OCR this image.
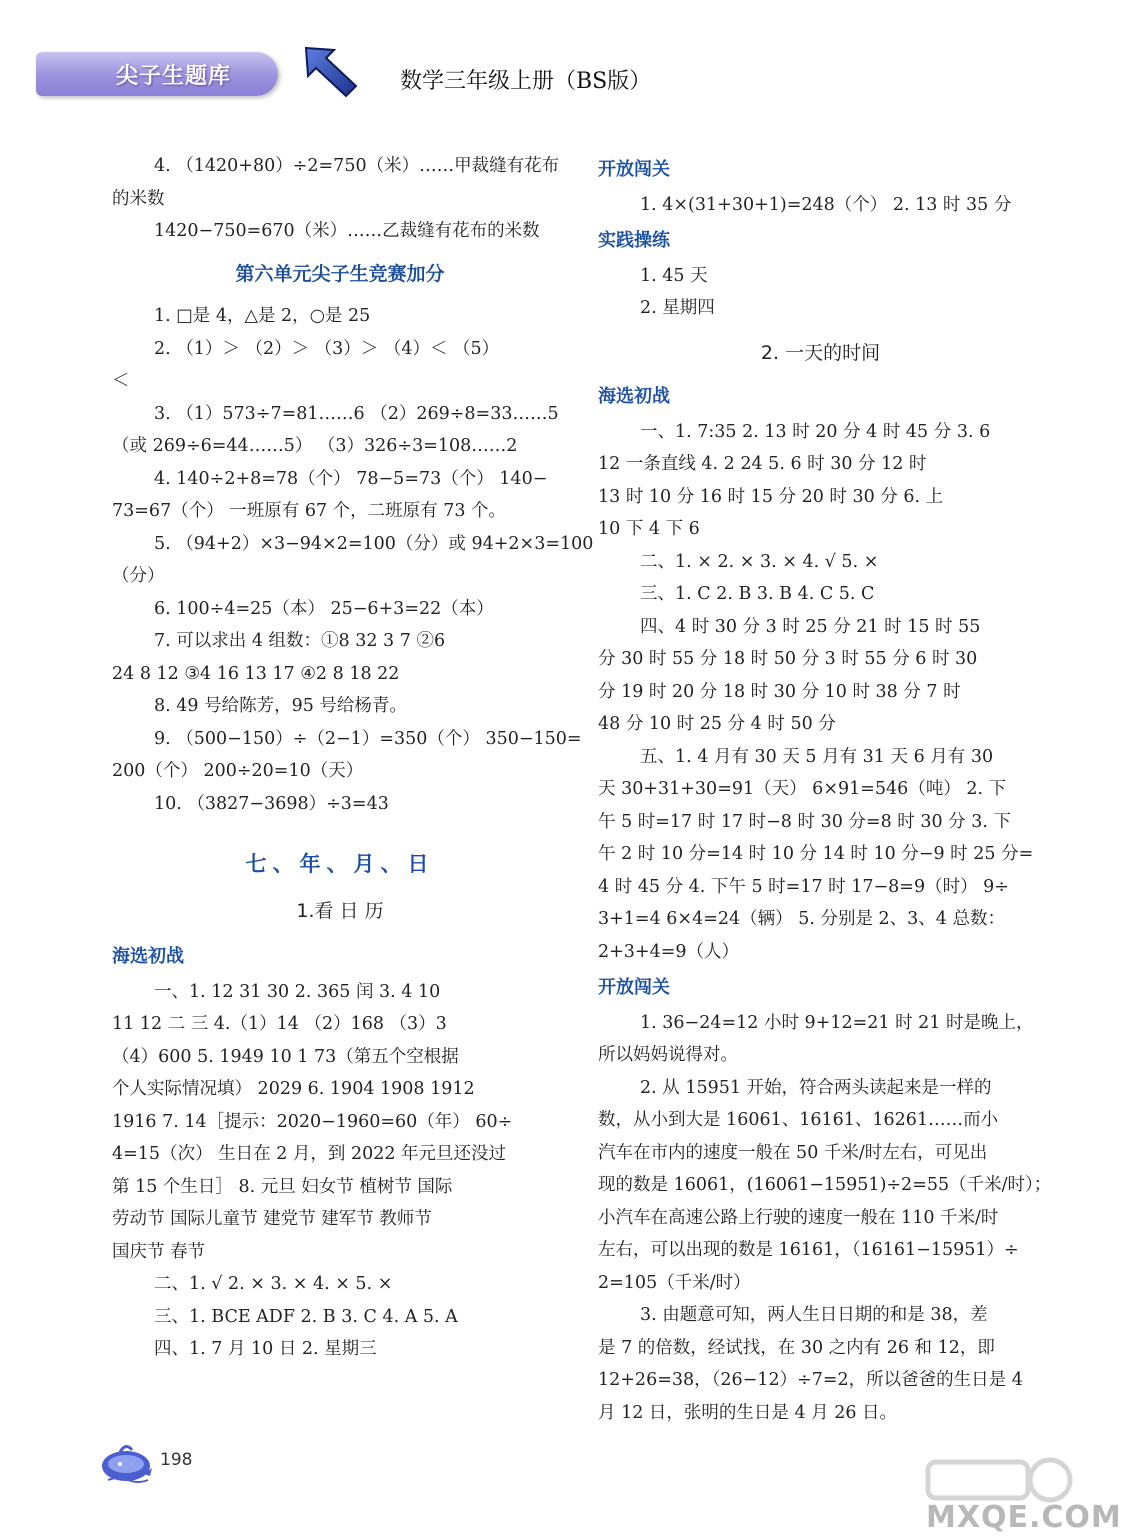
尖子生题库	数学三年级上册（BS版）

4. （1420+80）÷2=750（米）……甲裁缝有花布

的米数

1420−750=670（米）……乙裁缝有花布的米数

第六单元尖子生竞赛加分

1. □是 4，△是 2，○是 25

2. （1）＞ （2）＞ （3）＞ （4）＜ （5）

＜

3. （1）573÷7=81……6 （2）269÷8=33……5

（或 269÷6=44……5） （3）326÷3=108……2

4. 140÷2+8=78（个） 78−5=73（个） 140−

73=67（个） 一班原有 67 个，二班原有 73 个。

5. （94+2）×3−94×2=100（分）或 94+2×3=100

（分）

6. 100÷4=25（本） 25−6+3=22（本）

7. 可以求出 4 组数：①8 32 3 7 ②6

24 8 12 ③4 16 13 17 ④2 8 18 22

8. 49 号给陈芳，95 号给杨青。

9. （500−150）÷（2−1）=350（个） 350−150=

200（个） 200÷20=10（天）

10. （3827−3698）÷3=43

七、年、月、日
1.看 日 历
海选初战

一、1. 12 31 30 2. 365 闰 3. 4 10

11 12 二 三 4.（1）14 （2）168 （3）3

（4）600 5. 1949 10 1 73（第五个空根据

个人实际情况填） 2029 6. 1904 1908 1912

1916 7. 14［提示：2020−1960=60（年） 60÷

4=15（次） 生日在 2 月，到 2022 年元旦还没过

第 15 个生日］ 8. 元旦 妇女节 植树节 国际

劳动节 国际儿童节 建党节 建军节 教师节

国庆节 春节

二、1. √ 2. × 3. × 4. × 5. ×

三、1. BCE ADF 2. B 3. C 4. A 5. A

四、1. 7 月 10 日 2. 星期三

开放闯关

1. 4×(31+30+1)=248（个） 2. 13 时 35 分

实践操练

1. 45 天

2. 星期四

2. 一天的时间
海选初战

一、1. 7:35 2. 13 时 20 分 4 时 45 分 3. 6

12 一条直线 4. 2 24 5. 6 时 30 分 12 时

13 时 10 分 16 时 15 分 20 时 30 分 6. 上

10 下 4 下 6

二、1. × 2. × 3. × 4. √ 5. ×

三、1. C 2. B 3. B 4. C 5. C

四、4 时 30 分 3 时 25 分 21 时 15 时 55

分 30 时 55 分 18 时 50 分 3 时 55 分 6 时 30

分 19 时 20 分 18 时 30 分 10 时 38 分 7 时

48 分 10 时 25 分 4 时 50 分

五、1. 4 月有 30 天 5 月有 31 天 6 月有 30

天 30+31+30=91（天） 6×91=546（吨） 2. 下

午 5 时=17 时 17 时−8 时 30 分=8 时 30 分 3. 下

午 2 时 10 分=14 时 10 分 14 时 10 分−9 时 25 分=

4 时 45 分 4. 下午 5 时=17 时 17−8=9（时） 9÷

3+1=4 6×4=24（辆） 5. 分别是 2、3、4 总数：

2+3+4=9（人）

开放闯关

1. 36−24=12 小时 9+12=21 时 21 时是晚上，

所以妈妈说得对。

2. 从 15951 开始，符合两头读起来是一样的

数，从小到大是 16061、16161、16261……而小

汽车在市内的速度一般在 50 千米/时左右，可见出

现的数是 16061，(16061−15951)÷2=55（千米/时）；

小汽车在高速公路上行驶的速度一般在 110 千米/时

左右，可以出现的数是 16161，（16161−15951）÷

2=105（千米/时）

3. 由题意可知，两人生日日期的和是 38，差

是 7 的倍数，经试找，在 30 之内有 26 和 12，即

12+26=38，（26−12）÷7=2，所以爸爸的生日是 4

月 12 日，张明的生日是 4 月 26 日。

198
MXQE.COM
